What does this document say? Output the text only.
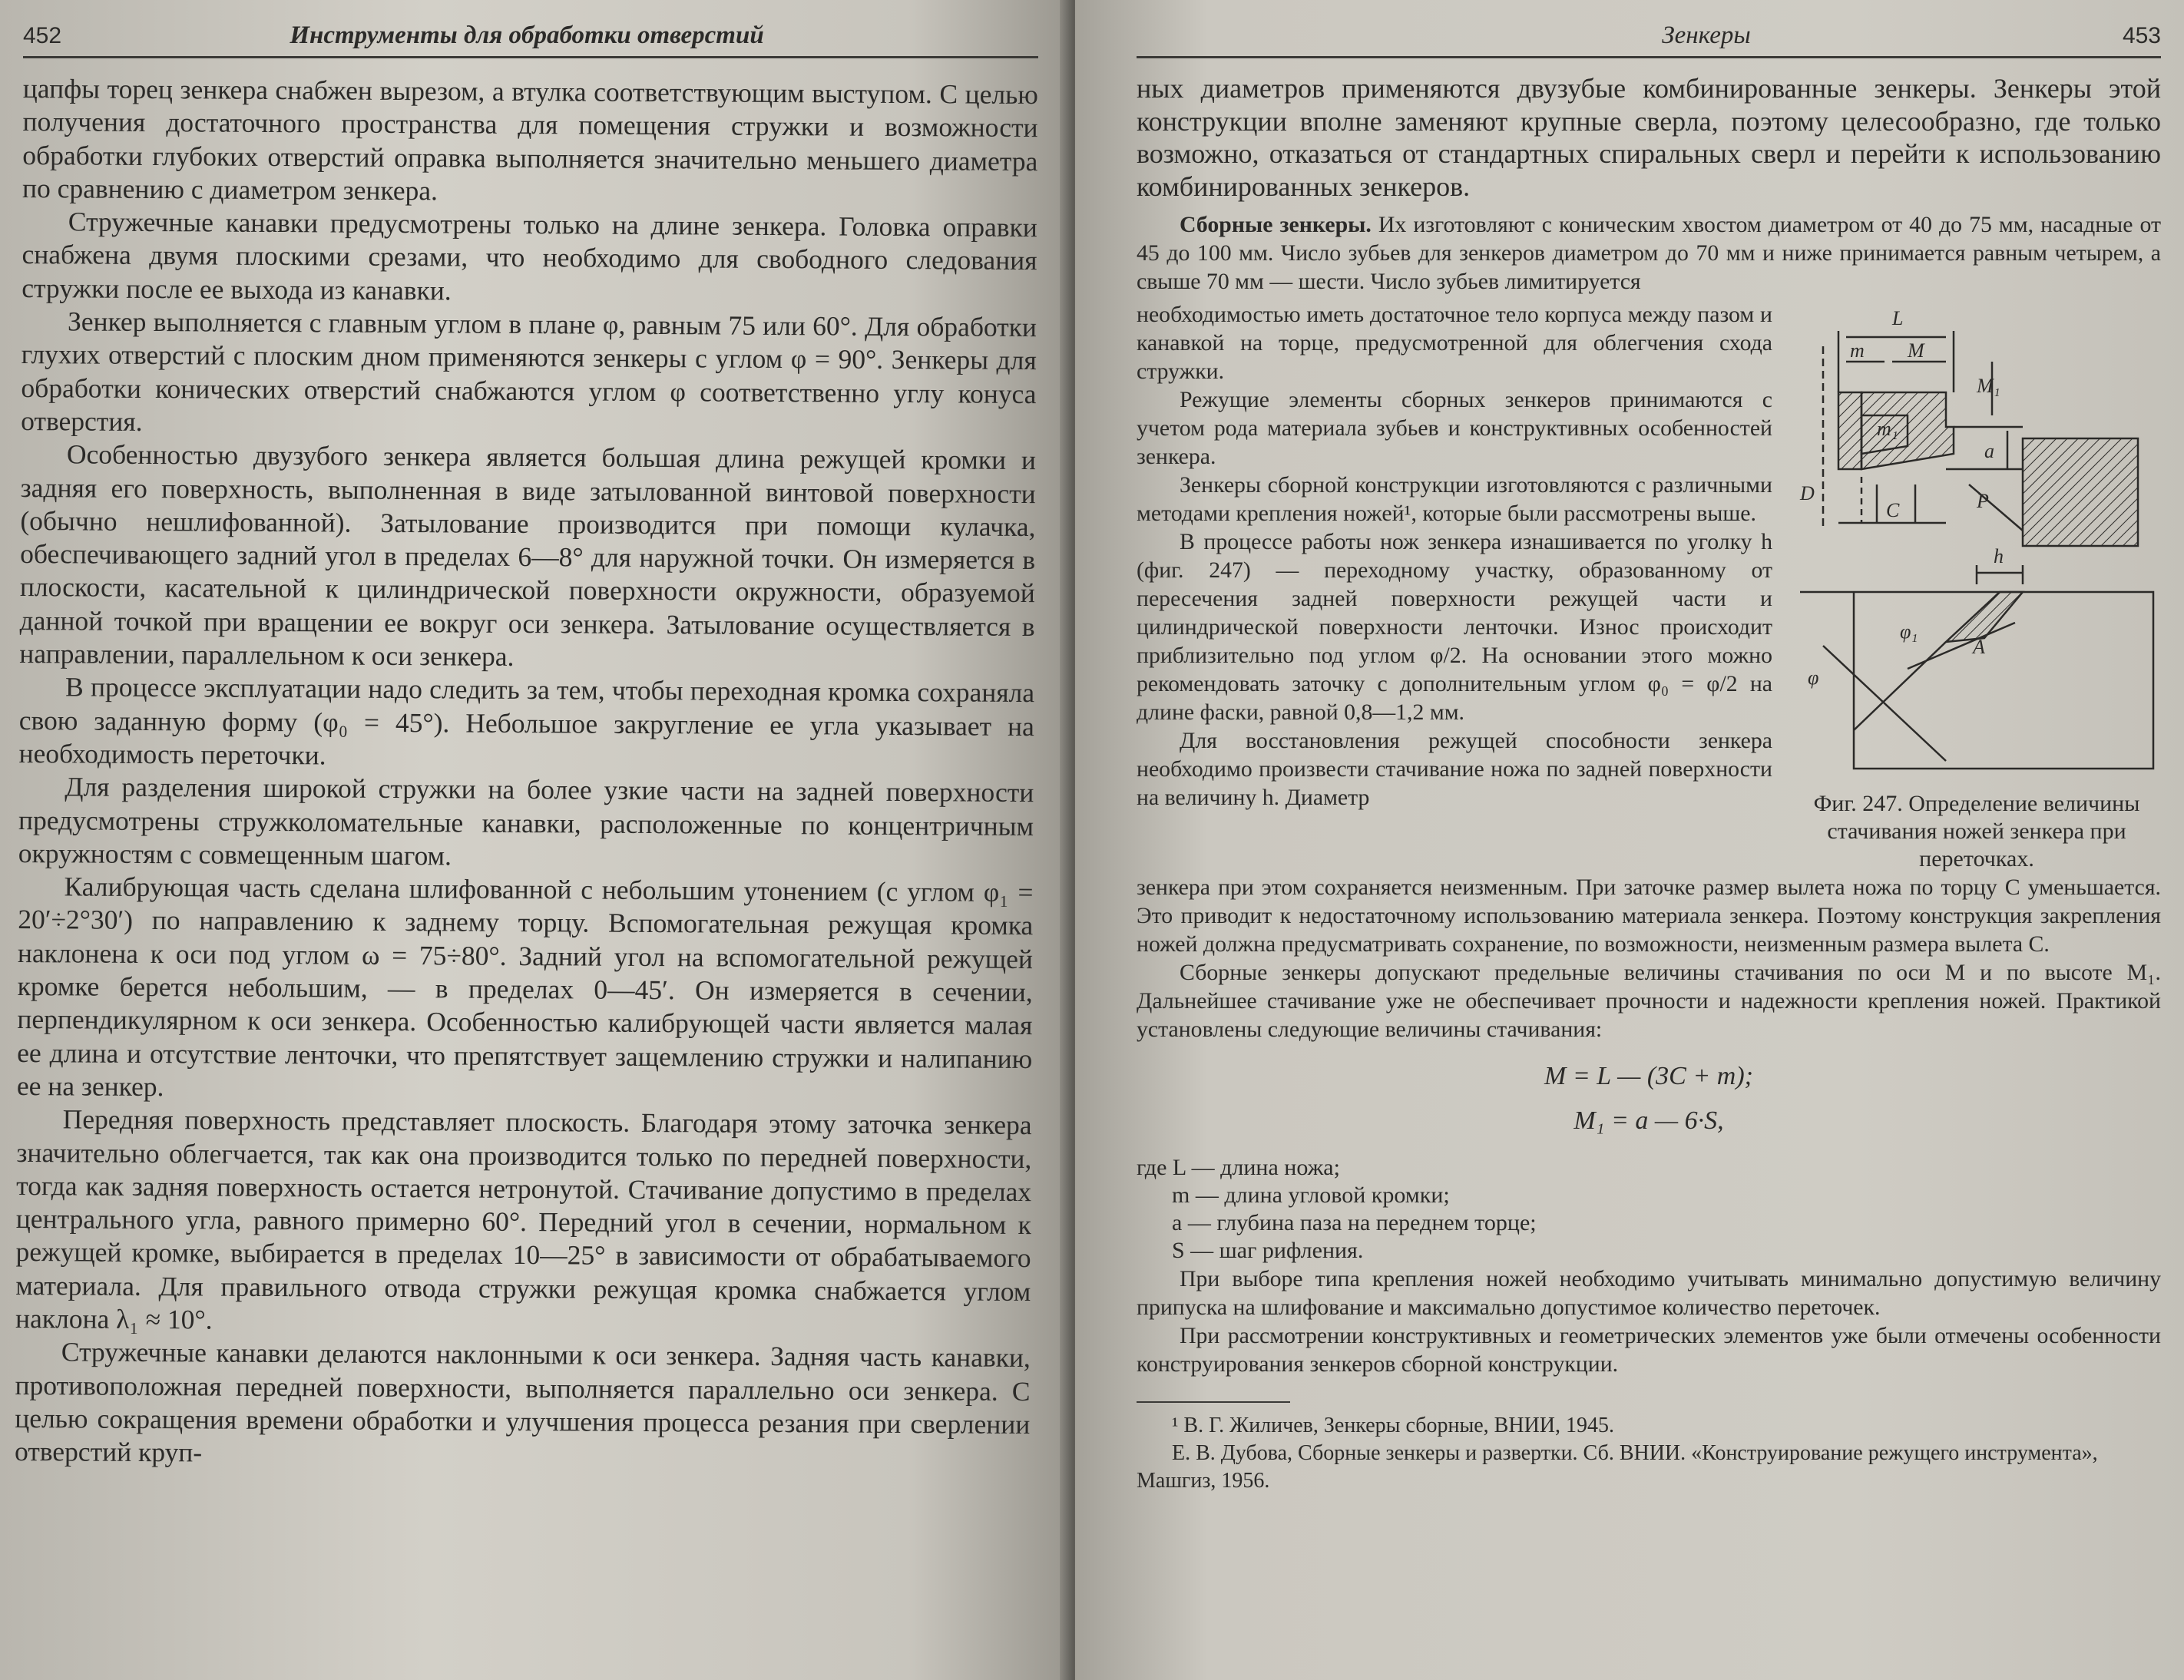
452	Инструменты для обработки отверстий

цапфы торец зенкера снабжен вырезом, а втулка соответствующим выступом. С целью получения достаточного пространства для помещения стружки и возможности обработки глубоких отверстий оправка выполняется значительно меньшего диаметра по сравнению с диаметром зенкера.

Стружечные канавки предусмотрены только на длине зенкера. Головка оправки снабжена двумя плоскими срезами, что необходимо для свободного следования стружки после ее выхода из канавки.

Зенкер выполняется с главным углом в плане φ, равным 75 или 60°. Для обработки глухих отверстий с плоским дном применяются зенкеры с углом φ = 90°. Зенкеры для обработки конических отверстий снабжаются углом φ соответственно углу конуса отверстия.

Особенностью двузубого зенкера является большая длина режущей кромки и задняя его поверхность, выполненная в виде затылованной винтовой поверхности (обычно нешлифованной). Затылование производится при помощи кулачка, обеспечивающего задний угол в пределах 6—8° для наружной точки. Он измеряется в плоскости, касательной к цилиндрической поверхности окружности, образуемой данной точкой при вращении ее вокруг оси зенкера. Затылование осуществляется в направлении, параллельном к оси зенкера.

В процессе эксплуатации надо следить за тем, чтобы переходная кромка сохраняла свою заданную форму (φ₀ = 45°). Небольшое закругление ее угла указывает на необходимость переточки.

Для разделения широкой стружки на более узкие части на задней поверхности предусмотрены стружколомательные канавки, расположенные по концентричным окружностям с совмещенным шагом.

Калибрующая часть сделана шлифованной с небольшим утонением (с углом φ₁ = 20′÷2°30′) по направлению к заднему торцу. Вспомогательная режущая кромка наклонена к оси под углом ω = 75÷80°. Задний угол на вспомогательной режущей кромке берется небольшим, — в пределах 0—45′. Он измеряется в сечении, перпендикулярном к оси зенкера. Особенностью калибрующей части является малая ее длина и отсутствие ленточки, что препятствует защемлению стружки и налипанию ее на зенкер.

Передняя поверхность представляет плоскость. Благодаря этому заточка зенкера значительно облегчается, так как она производится только по передней поверхности, тогда как задняя поверхность остается нетронутой. Стачивание допустимо в пределах центрального угла, равного примерно 60°. Передний угол в сечении, нормальном к режущей кромке, выбирается в пределах 10—25° в зависимости от обрабатываемого материала. Для правильного отвода стружки режущая кромка снабжается углом наклона λ₁ ≈ 10°.

Стружечные канавки делаются наклонными к оси зенкера. Задняя часть канавки, противоположная передней поверхности, выполняется параллельно оси зенкера. С целью сокращения времени обработки и улучшения процесса резания при сверлении отверстий круп-

Зенкеры	453

ных диаметров применяются двузубые комбинированные зенкеры. Зенкеры этой конструкции вполне заменяют крупные сверла, поэтому целесообразно, где только возможно, отказаться от стандартных спиральных сверл и перейти к использованию комбинированных зенкеров.

Сборные зенкеры. Их изготовляют с коническим хвостом диаметром от 40 до 75 мм, насадные от 45 до 100 мм. Число зубьев для зенкеров диаметром до 70 мм и ниже принимается равным четырем, а свыше 70 мм — шести. Число зубьев лимитируется

необходимостью иметь достаточное тело корпуса между пазом и канавкой на торце, предусмотренной для облегчения схода стружки.

Режущие элементы сборных зенкеров принимаются с учетом рода материала зубьев и конструктивных особенностей зенкера.

Зенкеры сборной конструкции изготовляются с различными методами крепления ножей¹, которые были рассмотрены выше.

В процессе работы нож зенкера изнашивается по уголку h (фиг. 247) — переходному участку, образованному от пересечения задней поверхности режущей части и цилиндрической поверхности ленточки. Износ происходит приблизительно под углом φ/2. На основании этого можно рекомендовать заточку с дополнительным углом φ₀ = φ/2 на длине фаски, равной 0,8—1,2 мм.

Для восстановления режущей способности зенкера необходимо произвести стачивание ножа по задней поверхности на величину h. Диаметр

L
m M
M₁
m₁
a
D
C	P
h
φ₁
A
φ
Фиг. 247. Определение величины стачивания ножей зенкера при переточках.

зенкера при этом сохраняется неизменным. При заточке размер вылета ножа по торцу C уменьшается. Это приводит к недостаточному использованию материала зенкера. Поэтому конструкция закрепления ножей должна предусматривать сохранение, по возможности, неизменным размера вылета C.

Сборные зенкеры допускают предельные величины стачивания по оси M и по высоте M₁. Дальнейшее стачивание уже не обеспечивает прочности и надежности крепления ножей. Практикой установлены следующие величины стачивания:

M = L — (3C + m);
M₁ = a — 6·S,
где L — длина ножа;
m — длина угловой кромки;
a — глубина паза на переднем торце;
S — шаг рифления.

При выборе типа крепления ножей необходимо учитывать минимально допустимую величину припуска на шлифование и максимально допустимое количество переточек.

При рассмотрении конструктивных и геометрических элементов уже были отмечены особенности конструирования зенкеров сборной конструкции.

¹ В. Г. Жиличев, Зенкеры сборные, ВНИИ, 1945.

Е. В. Дубова, Сборные зенкеры и развертки. Сб. ВНИИ. «Конструирование режущего инструмента», Машгиз, 1956.
